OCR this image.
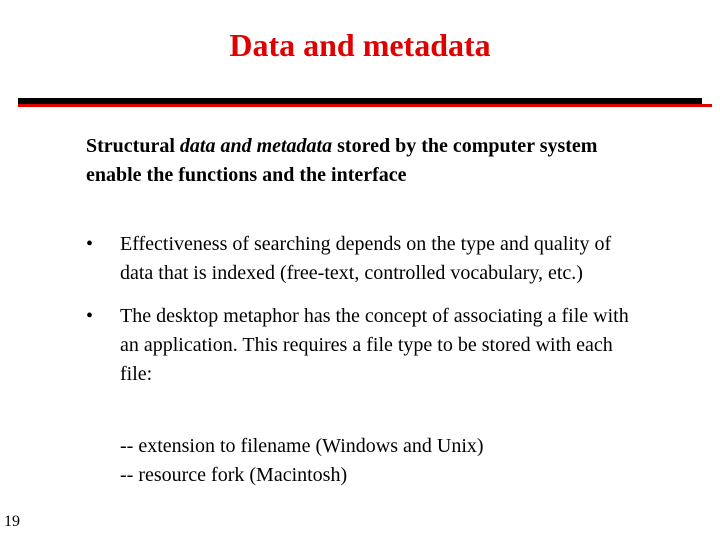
Data and metadata
Structural data and metadata stored by the computer system enable the functions and the interface
•	Effectiveness of searching depends on the type and quality of data that is indexed (free-text, controlled vocabulary, etc.)
•	The desktop metaphor has the concept of associating a file with an application. This requires a file type to be stored with each file:
-- extension to filename (Windows and Unix)
-- resource fork (Macintosh)
19
